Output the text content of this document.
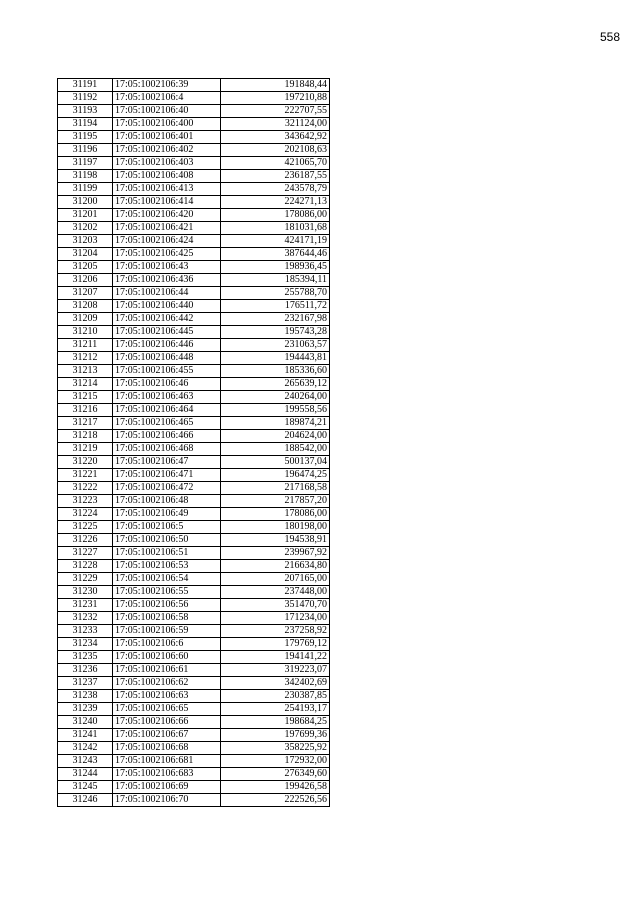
558
31191	17:05:1002106:39	191848,44
31192	17:05:1002106:4	197210,88
31193	17:05:1002106:40	222707,55
31194	17:05:1002106:400	321124,00
31195	17:05:1002106:401	343642,92
31196	17:05:1002106:402	202108,63
31197	17:05:1002106:403	421065,70
31198	17:05:1002106:408	236187,55
31199	17:05:1002106:413	243578,79
31200	17:05:1002106:414	224271,13
31201	17:05:1002106:420	178086,00
31202	17:05:1002106:421	181031,68
31203	17:05:1002106:424	424171,19
31204	17:05:1002106:425	387644,46
31205	17:05:1002106:43	198936,45
31206	17:05:1002106:436	185394,11
31207	17:05:1002106:44	255788,70
31208	17:05:1002106:440	176511,72
31209	17:05:1002106:442	232167,98
31210	17:05:1002106:445	195743,28
31211	17:05:1002106:446	231063,57
31212	17:05:1002106:448	194443,81
31213	17:05:1002106:455	185336,60
31214	17:05:1002106:46	265639,12
31215	17:05:1002106:463	240264,00
31216	17:05:1002106:464	199558,56
31217	17:05:1002106:465	189874,21
31218	17:05:1002106:466	204624,00
31219	17:05:1002106:468	188542,00
31220	17:05:1002106:47	500137,04
31221	17:05:1002106:471	196474,25
31222	17:05:1002106:472	217168,58
31223	17:05:1002106:48	217857,20
31224	17:05:1002106:49	178086,00
31225	17:05:1002106:5	180198,00
31226	17:05:1002106:50	194538,91
31227	17:05:1002106:51	239967,92
31228	17:05:1002106:53	216634,80
31229	17:05:1002106:54	207165,00
31230	17:05:1002106:55	237448,00
31231	17:05:1002106:56	351470,70
31232	17:05:1002106:58	171234,00
31233	17:05:1002106:59	237258,92
31234	17:05:1002106:6	179769,12
31235	17:05:1002106:60	194141,22
31236	17:05:1002106:61	319223,07
31237	17:05:1002106:62	342402,69
31238	17:05:1002106:63	230387,85
31239	17:05:1002106:65	254193,17
31240	17:05:1002106:66	198684,25
31241	17:05:1002106:67	197699,36
31242	17:05:1002106:68	358225,92
31243	17:05:1002106:681	172932,00
31244	17:05:1002106:683	276349,60
31245	17:05:1002106:69	199426,58
31246	17:05:1002106:70	222526,56
